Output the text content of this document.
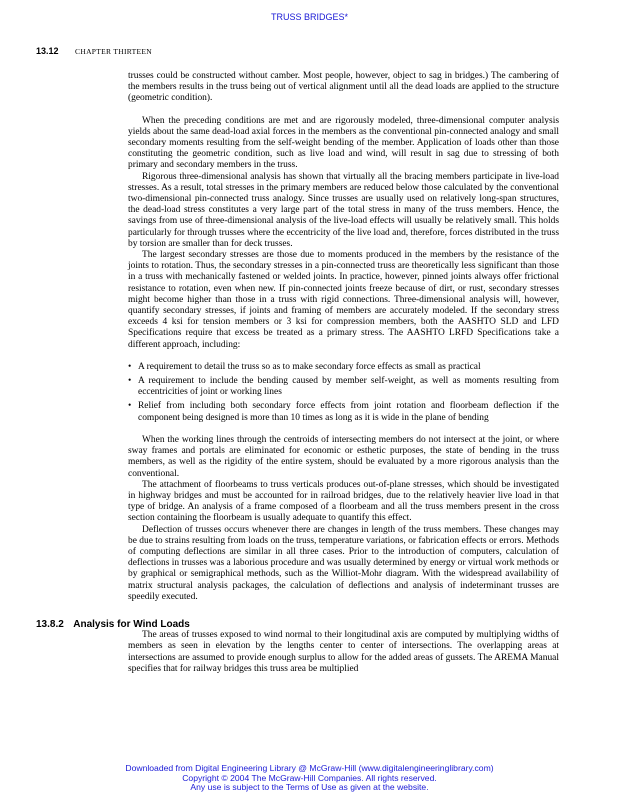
TRUSS BRIDGES*
13.12 CHAPTER THIRTEEN

trusses could be constructed without camber. Most people, however, object to sag in bridges.) The cambering of the members results in the truss being out of vertical alignment until all the dead loads are applied to the structure (geometric condition).

When the preceding conditions are met and are rigorously modeled, three-dimensional computer analysis yields about the same dead-load axial forces in the members as the conventional pin-connected analogy and small secondary moments resulting from the self-weight bending of the member. Application of loads other than those constituting the geometric condition, such as live load and wind, will result in sag due to stressing of both primary and secondary members in the truss.

Rigorous three-dimensional analysis has shown that virtually all the bracing members participate in live-load stresses. As a result, total stresses in the primary members are reduced below those calculated by the conventional two-dimensional pin-connected truss analogy. Since trusses are usually used on relatively long-span structures, the dead-load stress constitutes a very large part of the total stress in many of the truss members. Hence, the savings from use of three-dimensional analysis of the live-load effects will usually be relatively small. This holds particularly for through trusses where the eccentricity of the live load and, therefore, forces distributed in the truss by torsion are smaller than for deck trusses.

The largest secondary stresses are those due to moments produced in the members by the resistance of the joints to rotation. Thus, the secondary stresses in a pin-connected truss are theoretically less significant than those in a truss with mechanically fastened or welded joints. In practice, however, pinned joints always offer frictional resistance to rotation, even when new. If pin-connected joints freeze because of dirt, or rust, secondary stresses might become higher than those in a truss with rigid connections. Three-dimensional analysis will, however, quantify secondary stresses, if joints and framing of members are accurately modeled. If the secondary stress exceeds 4 ksi for tension members or 3 ksi for compression members, both the AASHTO SLD and LFD Specifications require that excess be treated as a primary stress. The AASHTO LRFD Specifications take a different approach, including:

• A requirement to detail the truss so as to make secondary force effects as small as practical
• A requirement to include the bending caused by member self-weight, as well as moments resulting from eccentricities of joint or working lines
• Relief from including both secondary force effects from joint rotation and floorbeam deflection if the component being designed is more than 10 times as long as it is wide in the plane of bending

When the working lines through the centroids of intersecting members do not intersect at the joint, or where sway frames and portals are eliminated for economic or esthetic purposes, the state of bending in the truss members, as well as the rigidity of the entire system, should be evaluated by a more rigorous analysis than the conventional.

The attachment of floorbeams to truss verticals produces out-of-plane stresses, which should be investigated in highway bridges and must be accounted for in railroad bridges, due to the relatively heavier live load in that type of bridge. An analysis of a frame composed of a floorbeam and all the truss members present in the cross section containing the floorbeam is usually adequate to quantify this effect.

Deflection of trusses occurs whenever there are changes in length of the truss members. These changes may be due to strains resulting from loads on the truss, temperature variations, or fabrication effects or errors. Methods of computing deflections are similar in all three cases. Prior to the introduction of computers, calculation of deflections in trusses was a laborious procedure and was usually determined by energy or virtual work methods or by graphical or semigraphical methods, such as the Williot-Mohr diagram. With the widespread availability of matrix structural analysis packages, the calculation of deflections and analysis of indeterminant trusses are speedily executed.

13.8.2 Analysis for Wind Loads

The areas of trusses exposed to wind normal to their longitudinal axis are computed by multiplying widths of members as seen in elevation by the lengths center to center of intersections. The overlapping areas at intersections are assumed to provide enough surplus to allow for the added areas of gussets. The AREMA Manual specifies that for railway bridges this truss area be multiplied

Downloaded from Digital Engineering Library @ McGraw-Hill (www.digitalengineeringlibrary.com)
Copyright © 2004 The McGraw-Hill Companies. All rights reserved.
Any use is subject to the Terms of Use as given at the website.
